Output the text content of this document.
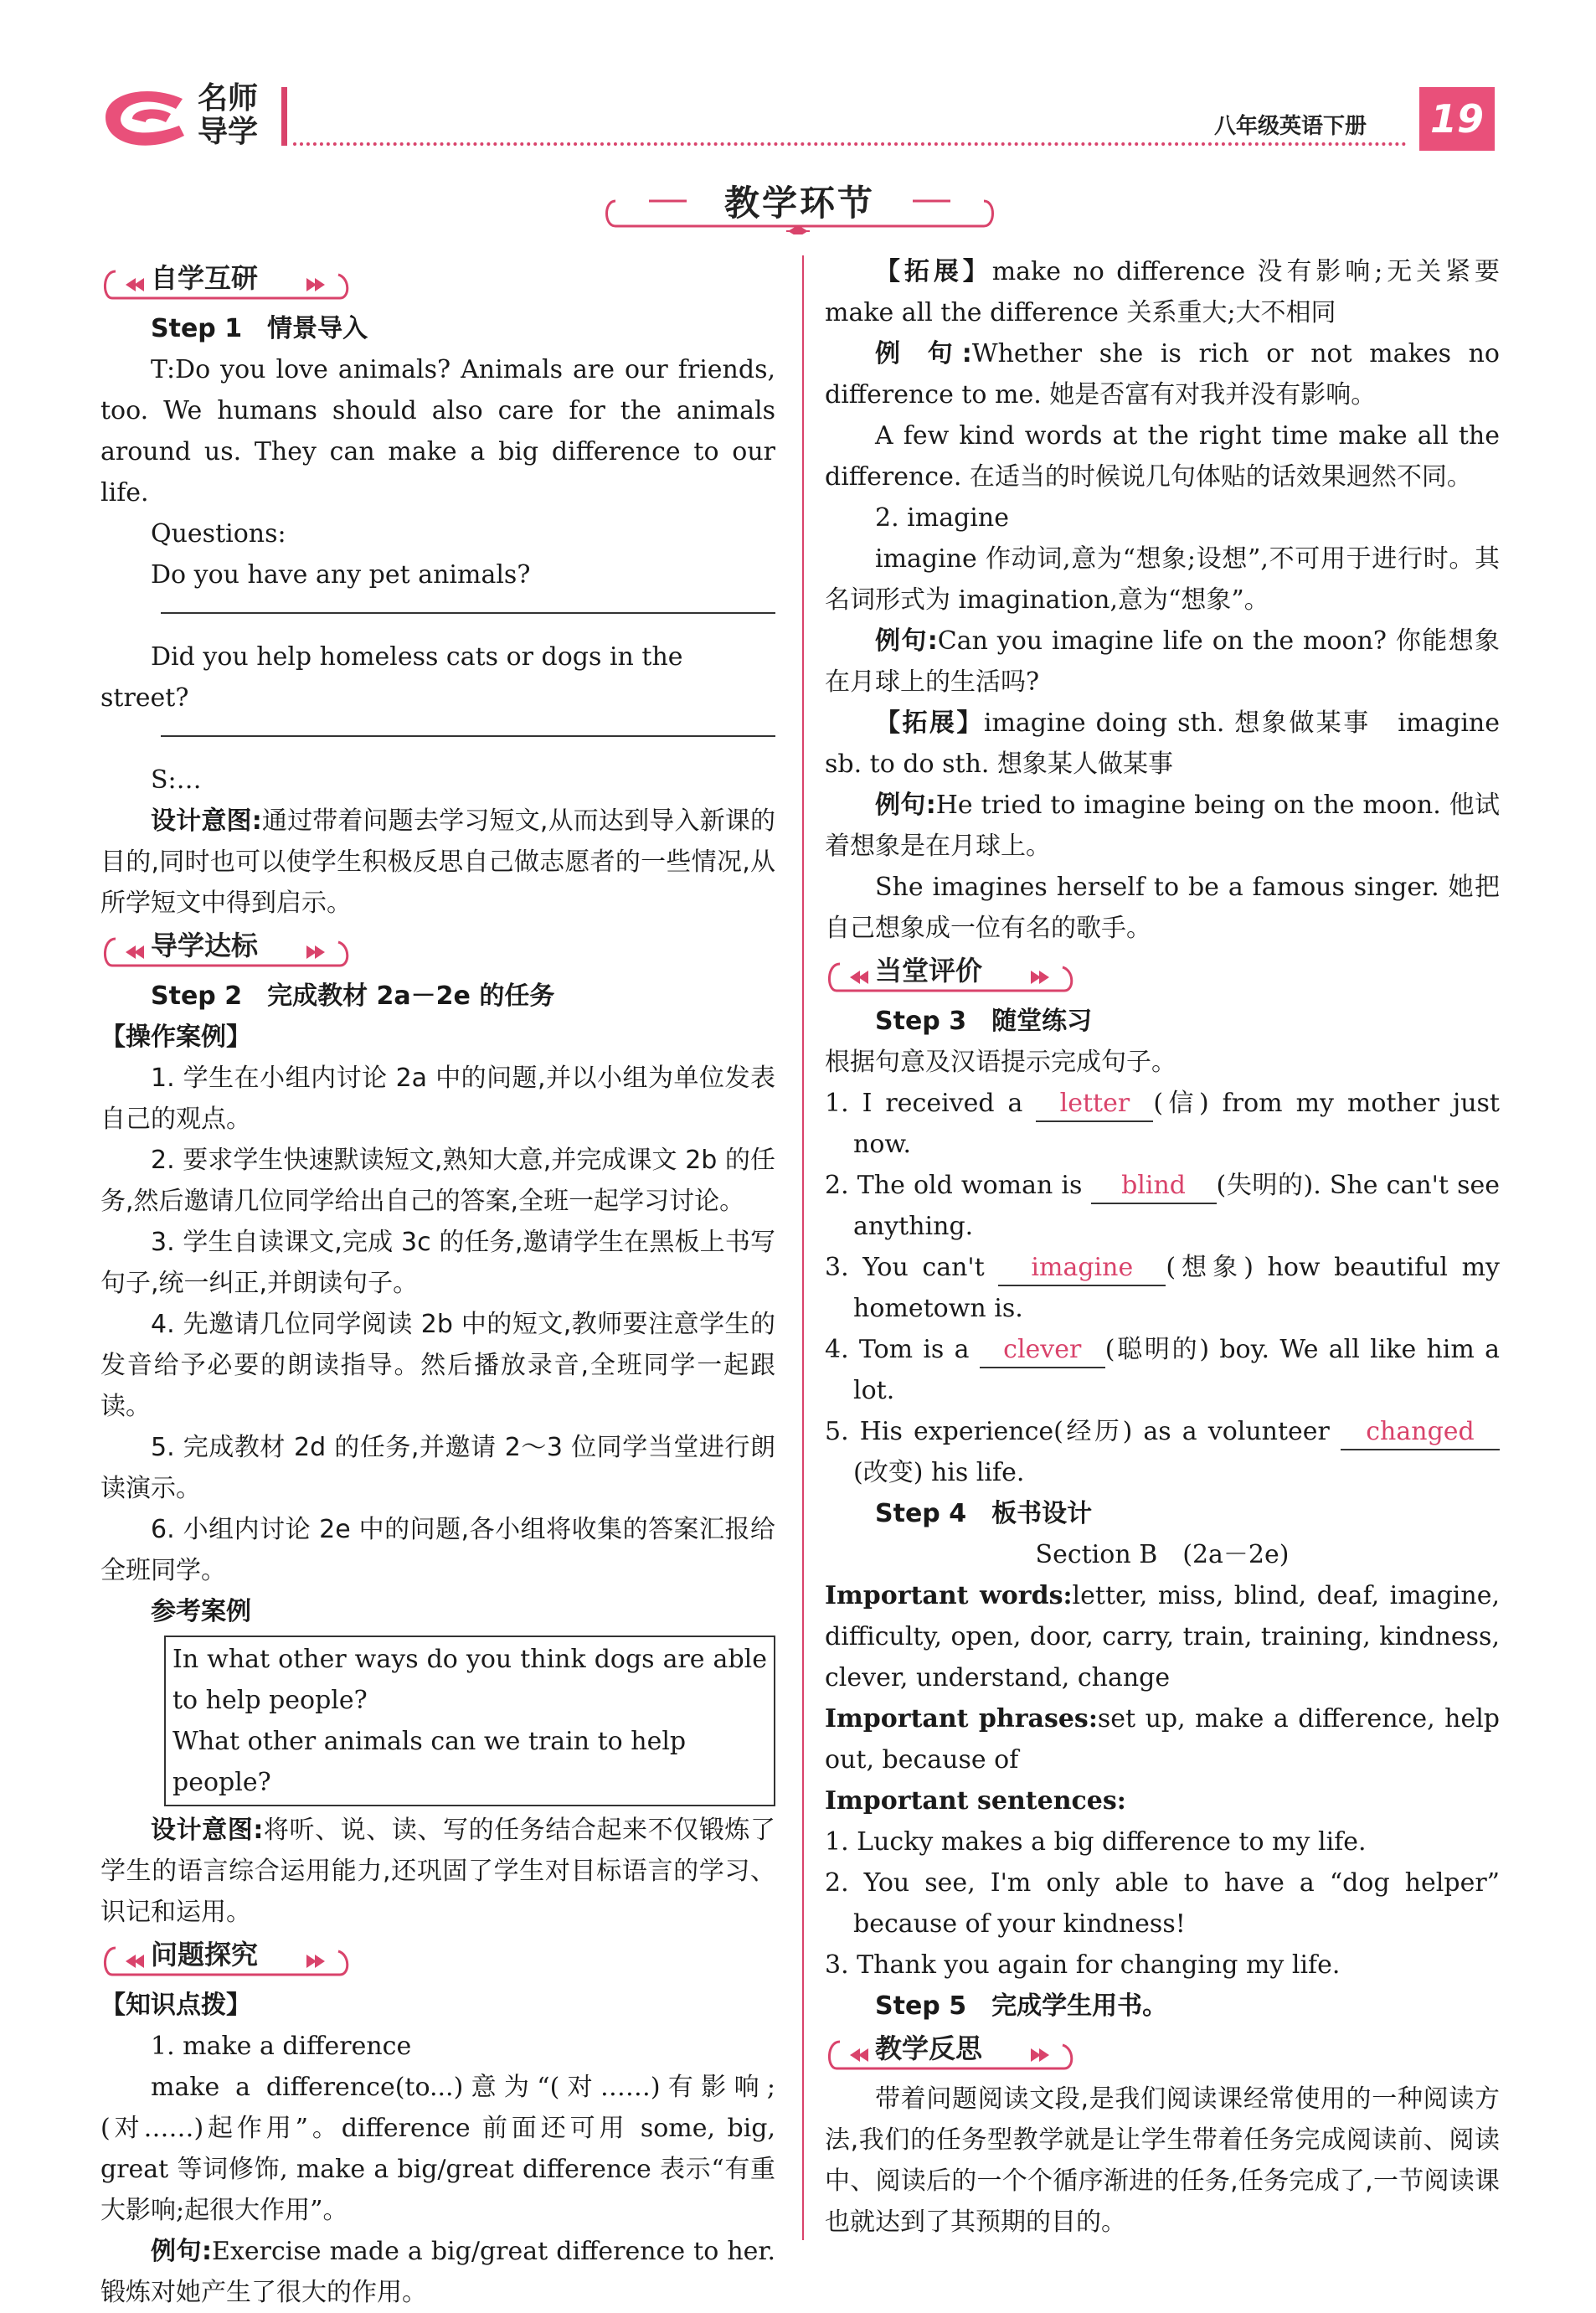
名师
导学	八年级英语下册 19
教学环节
自学互研

Step 1　情景导入

T:Do you love animals? Animals are our friends, too. We humans should also care for the animals around us. They can make a big difference to our life.

Questions:

Do you have any pet animals?

Did you help homeless cats or dogs in the street?

S:…

设计意图:通过带着问题去学习短文,从而达到导入新课的目的,同时也可以使学生积极反思自己做志愿者的一些情况,从所学短文中得到启示。

导学达标

Step 2　完成教材 2a－2e 的任务

【操作案例】

1. 学生在小组内讨论 2a 中的问题,并以小组为单位发表自己的观点。

2. 要求学生快速默读短文,熟知大意,并完成课文 2b 的任务,然后邀请几位同学给出自己的答案,全班一起学习讨论。

3. 学生自读课文,完成 3c 的任务,邀请学生在黑板上书写句子,统一纠正,并朗读句子。

4. 先邀请几位同学阅读 2b 中的短文,教师要注意学生的发音给予必要的朗读指导。然后播放录音,全班同学一起跟读。

5. 完成教材 2d 的任务,并邀请 2～3 位同学当堂进行朗读演示。

6. 小组内讨论 2e 中的问题,各小组将收集的答案汇报给全班同学。

参考案例

In what other ways do you think dogs are able to help people?

What other animals can we train to help people?

设计意图:将听、说、读、写的任务结合起来不仅锻炼了学生的语言综合运用能力,还巩固了学生对目标语言的学习、识记和运用。

问题探究

【知识点拨】

1. make a difference

make a difference(to...)意为“(对……)有影响;(对……)起作用”。difference 前面还可用 some, big, great 等词修饰, make a big/great difference 表示“有重大影响;起很大作用”。

例句:Exercise made a big/great difference to her. 锻炼对她产生了很大的作用。

【拓展】make no difference 没有影响;无关紧要　make all the difference 关系重大;大不相同

例 句:Whether she is rich or not makes no difference to me. 她是否富有对我并没有影响。

A few kind words at the right time make all the difference. 在适当的时候说几句体贴的话效果迥然不同。

2. imagine

imagine 作动词,意为“想象;设想”,不可用于进行时。其名词形式为 imagination,意为“想象”。

例句:Can you imagine life on the moon? 你能想象在月球上的生活吗?

【拓展】imagine doing sth. 想象做某事　imagine sb. to do sth. 想象某人做某事

例句:He tried to imagine being on the moon. 他试着想象是在月球上。

She imagines herself to be a famous singer. 她把自己想象成一位有名的歌手。

当堂评价

Step 3　随堂练习

根据句意及汉语提示完成句子。

1. I received a letter (信) from my mother just now.

2. The old woman is blind (失明的). She can't see anything.

3. You can't imagine (想象) how beautiful my hometown is.

4. Tom is a clever (聪明的) boy. We all like him a lot.

5. His experience(经历) as a volunteer changed(改变) his life.

Step 4　板书设计

Section B　(2a－2e)

Important words:letter, miss, blind, deaf, imagine, difficulty, open, door, carry, train, training, kindness, clever, understand, change

Important phrases:set up, make a difference, help out, because of

Important sentences:

1. Lucky makes a big difference to my life.

2. You see, I'm only able to have a “dog helper” because of your kindness!

3. Thank you again for changing my life.

Step 5　完成学生用书。

教学反思

带着问题阅读文段,是我们阅读课经常使用的一种阅读方法,我们的任务型教学就是让学生带着任务完成阅读前、阅读中、阅读后的一个个循序渐进的任务,任务完成了,一节阅读课也就达到了其预期的目的。
